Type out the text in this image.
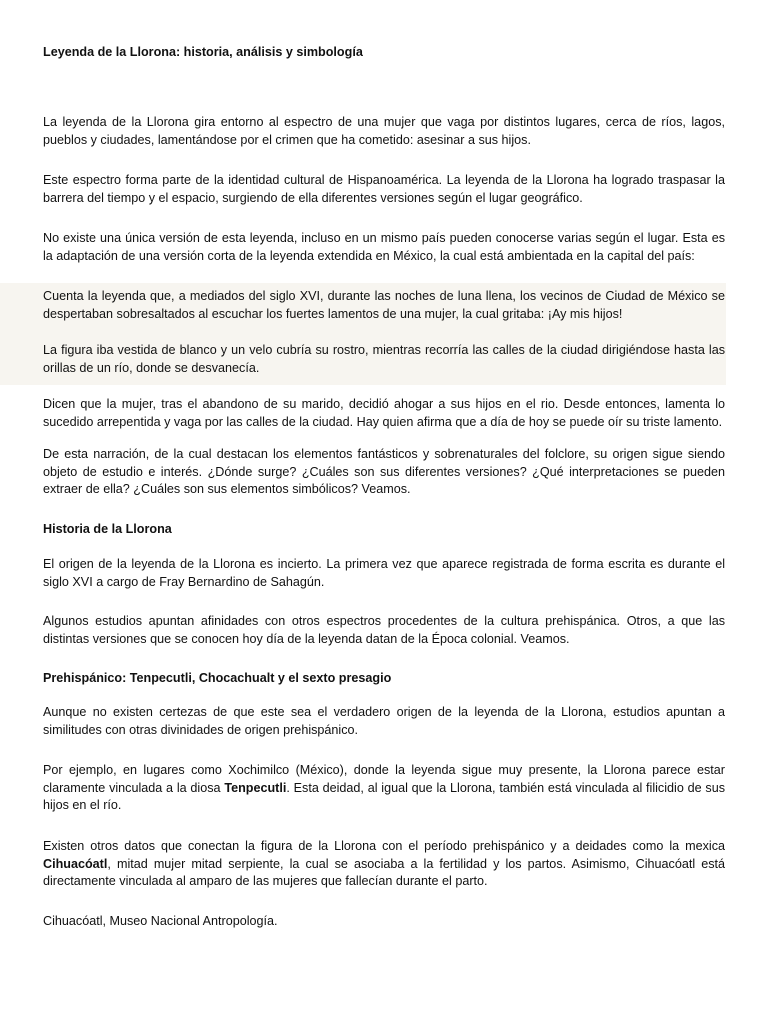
Leyenda de la Llorona: historia, análisis y simbología

La leyenda de la Llorona gira entorno al espectro de una mujer que vaga por distintos lugares, cerca de ríos, lagos, pueblos y ciudades, lamentándose por el crimen que ha cometido: asesinar a sus hijos.

Este espectro forma parte de la identidad cultural de Hispanoamérica. La leyenda de la Llorona ha logrado traspasar la barrera del tiempo y el espacio, surgiendo de ella diferentes versiones según el lugar geográfico.

No existe una única versión de esta leyenda, incluso en un mismo país pueden conocerse varias según el lugar. Esta es la adaptación de una versión corta de la leyenda extendida en México, la cual está ambientada en la capital del país:

Cuenta la leyenda que, a mediados del siglo XVI, durante las noches de luna llena, los vecinos de Ciudad de México se despertaban sobresaltados al escuchar los fuertes lamentos de una mujer, la cual gritaba: ¡Ay mis hijos!

La figura iba vestida de blanco y un velo cubría su rostro, mientras recorría las calles de la ciudad dirigiéndose hasta las orillas de un río, donde se desvanecía.

Dicen que la mujer, tras el abandono de su marido, decidió ahogar a sus hijos en el rio. Desde entonces, lamenta lo sucedido arrepentida y vaga por las calles de la ciudad. Hay quien afirma que a día de hoy se puede oír su triste lamento.

De esta narración, de la cual destacan los elementos fantásticos y sobrenaturales del folclore, su origen sigue siendo objeto de estudio e interés. ¿Dónde surge? ¿Cuáles son sus diferentes versiones? ¿Qué interpretaciones se pueden extraer de ella? ¿Cuáles son sus elementos simbólicos? Veamos.

Historia de la Llorona

El origen de la leyenda de la Llorona es incierto. La primera vez que aparece registrada de forma escrita es durante el siglo XVI a cargo de Fray Bernardino de Sahagún.

Algunos estudios apuntan afinidades con otros espectros procedentes de la cultura prehispánica. Otros, a que las distintas versiones que se conocen hoy día de la leyenda datan de la Época colonial. Veamos.

Prehispánico: Tenpecutli, Chocachualt y el sexto presagio

Aunque no existen certezas de que este sea el verdadero origen de la leyenda de la Llorona, estudios apuntan a similitudes con otras divinidades de origen prehispánico.

Por ejemplo, en lugares como Xochimilco (México), donde la leyenda sigue muy presente, la Llorona parece estar claramente vinculada a la diosa Tenpecutli. Esta deidad, al igual que la Llorona, también está vinculada al filicidio de sus hijos en el río.

Existen otros datos que conectan la figura de la Llorona con el período prehispánico y a deidades como la mexica Cihuacóatl, mitad mujer mitad serpiente, la cual se asociaba a la fertilidad y los partos. Asimismo, Cihuacóatl está directamente vinculada al amparo de las mujeres que fallecían durante el parto.

Cihuacóatl, Museo Nacional Antropología.
